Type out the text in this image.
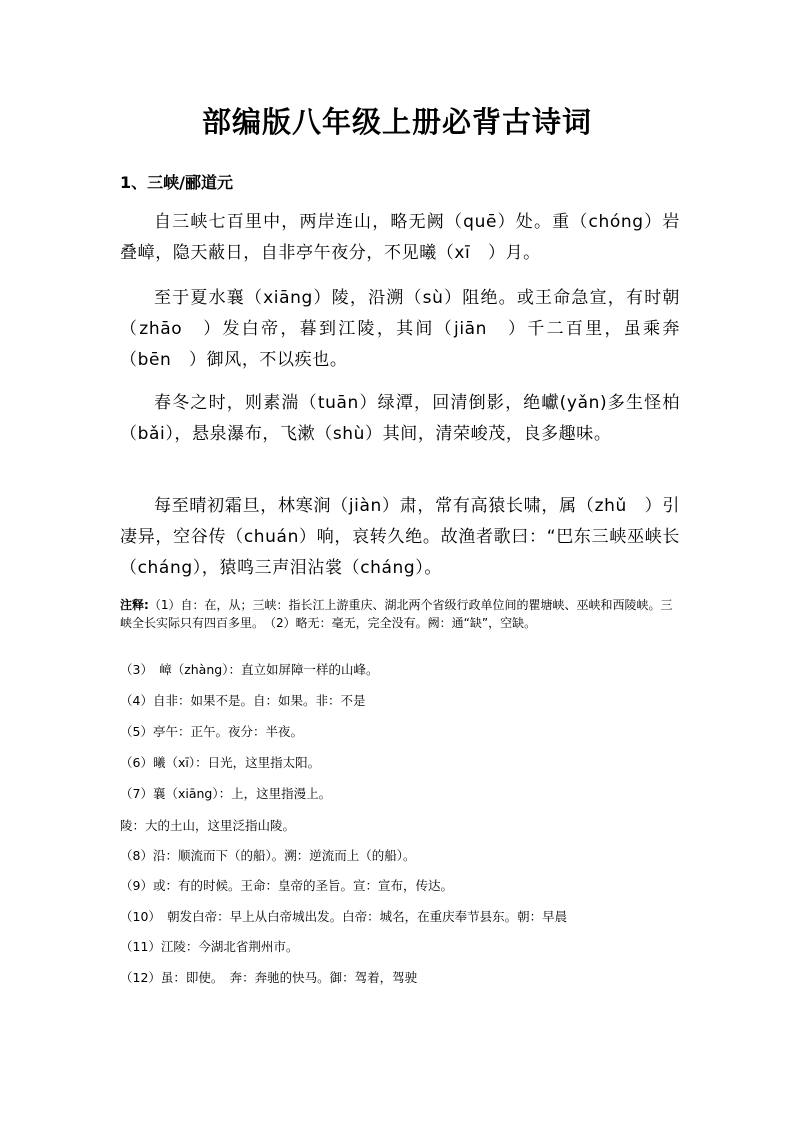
部编版八年级上册必背古诗词
1、三峡/郦道元

自三峡七百里中，两岸连山，略无阙（quē）处。重（chóng）岩叠嶂，隐天蔽日，自非亭午夜分，不见曦（xī　）月。

至于夏水襄（xiāng）陵，沿溯（sù）阻绝。或王命急宣，有时朝（zhāo　）发白帝，暮到江陵，其间（jiān　）千二百里，虽乘奔（bēn　）御风，不以疾也。

春冬之时，则素湍（tuān）绿潭，回清倒影，绝巘(yǎn)多生怪柏（bǎi），悬泉瀑布，飞漱（shù）其间，清荣峻茂，良多趣味。

每至晴初霜旦，林寒涧（jiàn）肃，常有高猿长啸，属（zhǔ　）引凄异，空谷传（chuán）响，哀转久绝。故渔者歌曰：“巴东三峡巫峡长（cháng），猿鸣三声泪沾裳（cháng）。

注释:（1）自：在，从；三峡：指长江上游重庆、湖北两个省级行政单位间的瞿塘峡、巫峡和西陵峡。三峡全长实际只有四百多里。　（2）略无：毫无，完全没有。阙：通“缺”，空缺。

（3）　嶂（zhàng）：直立如屏障一样的山峰。

（4）自非：如果不是。自：如果。非：不是

（5）亭午：正午。夜分：半夜。

（6）曦（xī）：日光，这里指太阳。

（7）襄（xiāng）：上，这里指漫上。

陵：大的土山，这里泛指山陵。

（8）沿：顺流而下（的船）。溯：逆流而上（的船）。

（9）或：有的时候。王命：皇帝的圣旨。宣：宣布，传达。

（10）　朝发白帝：早上从白帝城出发。白帝：城名，在重庆奉节县东。朝：早晨

（11）江陵：今湖北省荆州市。

（12）虽：即使。　奔：奔驰的快马。御：驾着，驾驶
